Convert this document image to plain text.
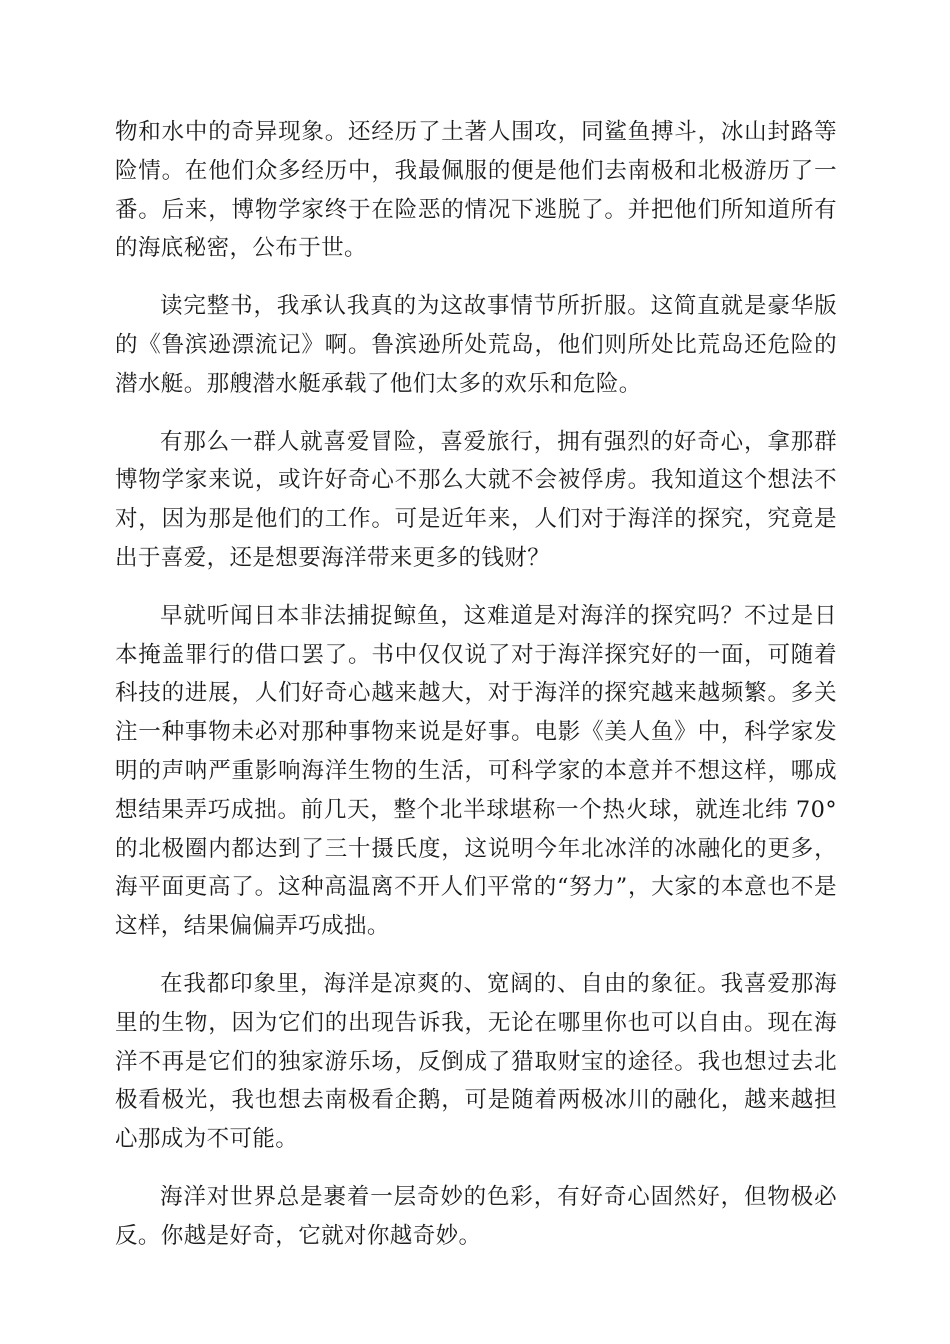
物和水中的奇异现象。还经历了土著人围攻，同鲨鱼搏斗，冰山封路等险情。在他们众多经历中，我最佩服的便是他们去南极和北极游历了一番。后来，博物学家终于在险恶的情况下逃脱了。并把他们所知道所有的海底秘密，公布于世。

读完整书，我承认我真的为这故事情节所折服。这简直就是豪华版的《鲁滨逊漂流记》啊。鲁滨逊所处荒岛，他们则所处比荒岛还危险的潜水艇。那艘潜水艇承载了他们太多的欢乐和危险。

有那么一群人就喜爱冒险，喜爱旅行，拥有强烈的好奇心，拿那群博物学家来说，或许好奇心不那么大就不会被俘虏。我知道这个想法不对，因为那是他们的工作。可是近年来，人们对于海洋的探究，究竟是出于喜爱，还是想要海洋带来更多的钱财？

早就听闻日本非法捕捉鲸鱼，这难道是对海洋的探究吗？不过是日本掩盖罪行的借口罢了。书中仅仅说了对于海洋探究好的一面，可随着科技的进展，人们好奇心越来越大，对于海洋的探究越来越频繁。多关注一种事物未必对那种事物来说是好事。电影《美人鱼》中，科学家发明的声呐严重影响海洋生物的生活，可科学家的本意并不想这样，哪成想结果弄巧成拙。前几天，整个北半球堪称一个热火球，就连北纬 70° 的北极圈内都达到了三十摄氏度，这说明今年北冰洋的冰融化的更多，海平面更高了。这种高温离不开人们平常的“努力”，大家的本意也不是这样，结果偏偏弄巧成拙。

在我都印象里，海洋是凉爽的、宽阔的、自由的象征。我喜爱那海里的生物，因为它们的出现告诉我，无论在哪里你也可以自由。现在海洋不再是它们的独家游乐场，反倒成了猎取财宝的途径。我也想过去北极看极光，我也想去南极看企鹅，可是随着两极冰川的融化，越来越担心那成为不可能。

海洋对世界总是裹着一层奇妙的色彩，有好奇心固然好，但物极必反。你越是好奇，它就对你越奇妙。
